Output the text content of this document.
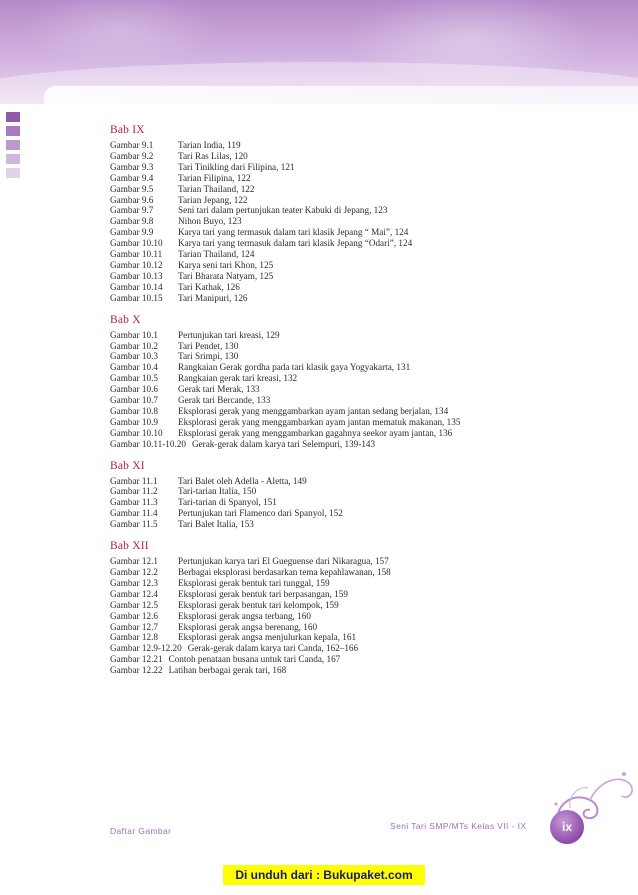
Bab IX
Gambar 9.1	Tarian India, 119
Gambar 9.2	Tari Ras Lilas, 120
Gambar 9.3	Tari Tinikling dari Filipina, 121
Gambar 9.4	Tarian Filipina, 122
Gambar 9.5	Tarian Thailand, 122
Gambar 9.6	Tarian Jepang, 122
Gambar 9.7	Seni tari dalam pertunjukan teater Kabuki di Jepang, 123
Gambar 9.8	Nihon Buyo, 123
Gambar 9.9	Karya tari yang termasuk dalam tari klasik Jepang “ Mai”, 124
Gambar 10.10 Karya tari yang termasuk dalam tari klasik Jepang “Odari”, 124
Gambar 10.11 Tarian Thailand, 124
Gambar 10.12 Karya seni tari Khon, 125
Gambar 10.13 Tari Bharata Natyam, 125
Gambar 10.14 Tari Kathak, 126
Gambar 10.15 Tari Manipuri, 126
Bab X
Gambar 10.1 Pertunjukan tari kreasi, 129
Gambar 10.2 Tari Pendet, 130
Gambar 10.3 Tari Srimpi, 130
Gambar 10.4 Rangkaian Gerak gordha pada tari klasik gaya Yogyakarta, 131
Gambar 10.5 Rangkaian gerak tari kreasi, 132
Gambar 10.6 Gerak tari Merak, 133
Gambar 10.7 Gerak tari Bercande, 133
Gambar 10.8 Eksplorasi gerak yang menggambarkan ayam jantan sedang berjalan, 134
Gambar 10.9 Eksplorasi gerak yang menggambarkan ayam jantan mematuk makanan, 135
Gambar 10.10 Eksplorasi gerak yang menggambarkan gagahnya seekor ayam jantan, 136
Gambar 10.11-10.20 Gerak-gerak dalam karya tari Selempuri, 139-143
Bab XI
Gambar 11.1 Tari Balet oleh Adella - Aletta, 149
Gambar 11.2 Tari-tarian Italia, 150
Gambar 11.3 Tari-tarian di Spanyol, 151
Gambar 11.4 Pertunjukan tari Flamenco dari Spanyol, 152
Gambar 11.5 Tari Balet Italia, 153
Bab XII
Gambar 12.1 Pertunjukan karya tari El Gueguense dari Nikaragua, 157
Gambar 12.2 Berbagai eksplorasi berdasarkan tema kepahlawanan, 158
Gambar 12.3 Eksplorasi gerak bentuk tari tunggal, 159
Gambar 12.4 Eksplorasi gerak bentuk tari berpasangan, 159
Gambar 12.5 Eksplorasi gerak bentuk tari kelompok, 159
Gambar 12.6 Eksplorasi gerak angsa terbang, 160
Gambar 12.7 Eksplorasi gerak angsa berenang, 160
Gambar 12.8 Eksplorasi gerak angsa menjulurkan kepala, 161
Gambar 12.9-12.20 Gerak-gerak dalam karya tari Canda, 162–166
Gambar 12.21 Contoh penataan busana untuk tari Canda, 167
Gambar 12.22 Latihan berbagai gerak tari, 168
Daftar Gambar	Seni Tari SMP/MTs Kelas VII - IX	ix
Di unduh dari : Bukupaket.com
